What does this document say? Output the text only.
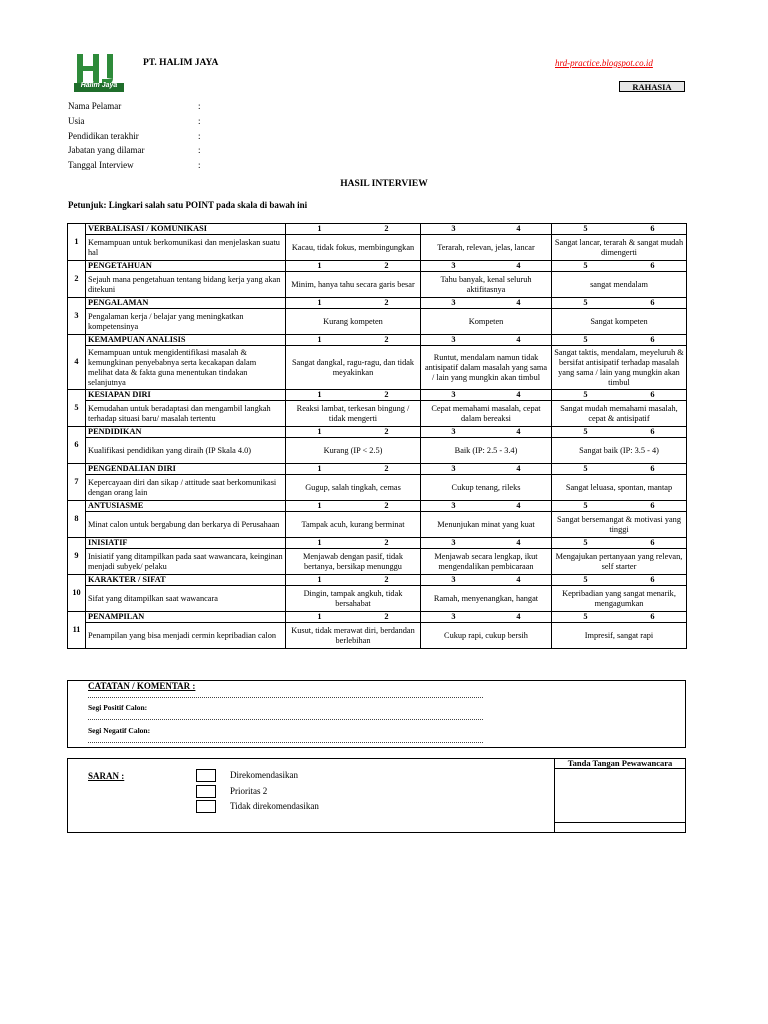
Halim Jaya
PT. HALIM JAYA	hrd-practice.blogspot.co.id
RAHASIA
Nama Pelamar	:
Usia	:
Pendidikan terakhir	:
Jabatan yang dilamar	:
Tanggal Interview	:
HASIL INTERVIEW
Petunjuk: Lingkari salah satu POINT pada skala di bawah ini
1	VERBALISASI / KOMUNIKASI	1 2	3 4	5 6

	Kemampuan untuk berkomunikasi dan menjelaskan suatu hal	Kacau, tidak fokus, membingungkan	Terarah, relevan, jelas, lancar	Sangat lancar, terarah & sangat mudah dimengerti
2	PENGETAHUAN	1 2	3 4	5 6

	Sejauh mana pengetahuan tentang bidang kerja yang akan ditekuni	Minim, hanya tahu secara garis besar	Tahu banyak, kenal seluruh aktifitasnya	sangat mendalam
3	PENGALAMAN	1 2	3 4	5 6

	Pengalaman kerja / belajar yang meningkatkan kompetensinya	Kurang kompeten	Kompeten	Sangat kompeten
4	KEMAMPUAN ANALISIS	1 2	3 4	5 6

	Kemampuan untuk mengidentifikasi masalah & kemungkinan penyebabnya serta kecakapan dalam melihat data & fakta guna menentukan tindakan selanjutnya	Sangat dangkal, ragu-ragu, dan tidak meyakinkan	Runtut, mendalam namun tidak antisipatif dalam masalah yang sama / lain yang mungkin akan timbul	Sangat taktis, mendalam, meyeluruh & bersifat antisipatif terhadap masalah yang sama / lain yang mungkin akan timbul
5	KESIAPAN DIRI	1 2	3 4	5 6

	Kemudahan untuk beradaptasi dan mengambil langkah terhadap situasi baru/ masalah tertentu	Reaksi lambat, terkesan bingung / tidak mengerti	Cepat memahami masalah, cepat dalam bereaksi	Sangat mudah memahami masalah, cepat & antisipatif
6	PENDIDIKAN	1 2	3 4	5 6

	Kualifikasi pendidikan yang diraih (IP Skala 4.0)	Kurang (IP < 2.5)	Baik (IP: 2.5 - 3.4)	Sangat baik (IP: 3.5 - 4)
7	PENGENDALIAN DIRI	1 2	3 4	5 6

	Kepercayaan diri dan sikap / attitude saat berkomunikasi dengan orang lain	Gugup, salah tingkah, cemas	Cukup tenang, rileks	Sangat leluasa, spontan, mantap
8	ANTUSIASME	1 2	3 4	5 6

	Minat calon untuk bergabung dan berkarya di Perusahaan	Tampak acuh, kurang berminat	Menunjukan minat yang kuat	Sangat bersemangat & motivasi yang tinggi
9	INISIATIF	1 2	3 4	5 6

	Inisiatif yang ditampilkan pada saat wawancara, keinginan menjadi subyek/ pelaku	Menjawab dengan pasif, tidak bertanya, bersikap menunggu	Menjawab secara lengkap, ikut mengendalikan pembicaraan	Mengajukan pertanyaan yang relevan, self starter
10	KARAKTER / SIFAT	1 2	3 4	5 6

	Sifat yang ditampilkan saat wawancara	Dingin, tampak angkuh, tidak bersahabat	Ramah, menyenangkan, hangat	Kepribadian yang sangat menarik, mengagumkan
11	PENAMPILAN	1 2	3 4	5 6

	Penampilan yang bisa menjadi cermin kepribadian calon	Kusut, tidak merawat diri, berdandan berlebihan	Cukup rapi, cukup bersih	Impresif, sangat rapi
CATATAN / KOMENTAR :
Segi Positif Calon:
Segi Negatif Calon:
SARAN :	Direkomendasikan
Prioritas 2
Tidak direkomendasikan
Tanda Tangan Pewawancara
